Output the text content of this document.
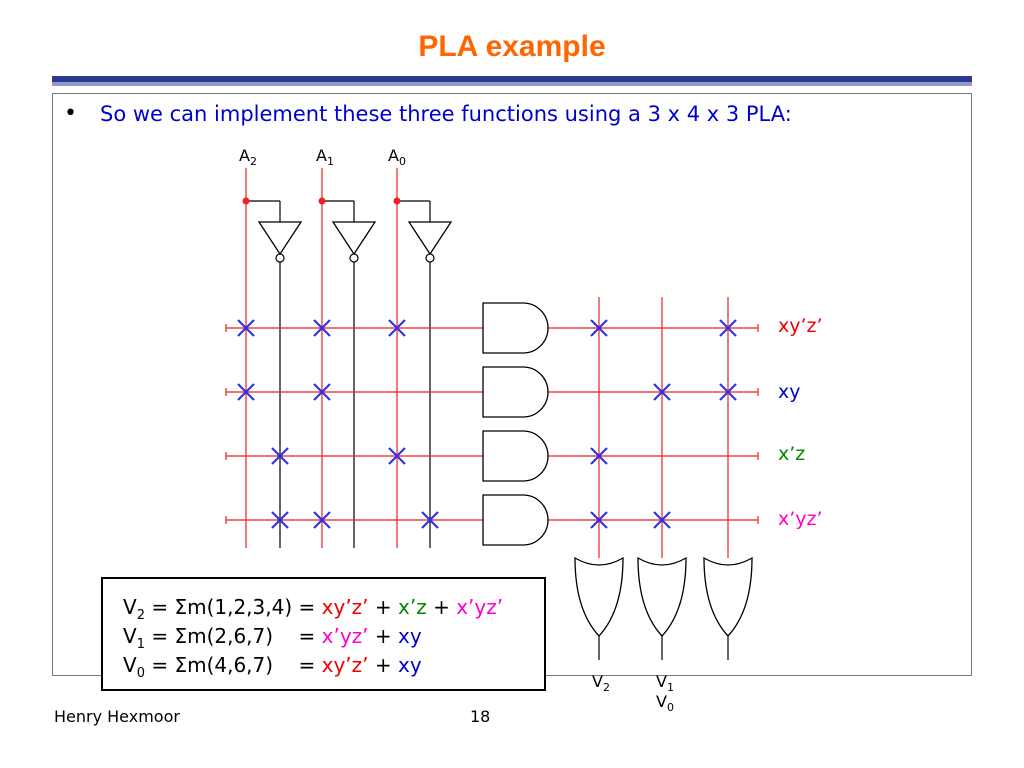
PLA example
• So we can implement these three functions using a 3 x 4 x 3 PLA:
$A_2$	$A_1$	$A_0$
xy’z’
xy
x’z
x’yz’
$V_2$	$V_1$
$V_0$
$V_2 = \Sigma m(1,2,3,4)$ = xy’z’ + x’z + x’yz’
$V_1 = \Sigma m(2,6,7)$    = x’yz’ + xy
$V_0 = \Sigma m(4,6,7)$    = xy’z’ + xy
Henry Hexmoor	18
